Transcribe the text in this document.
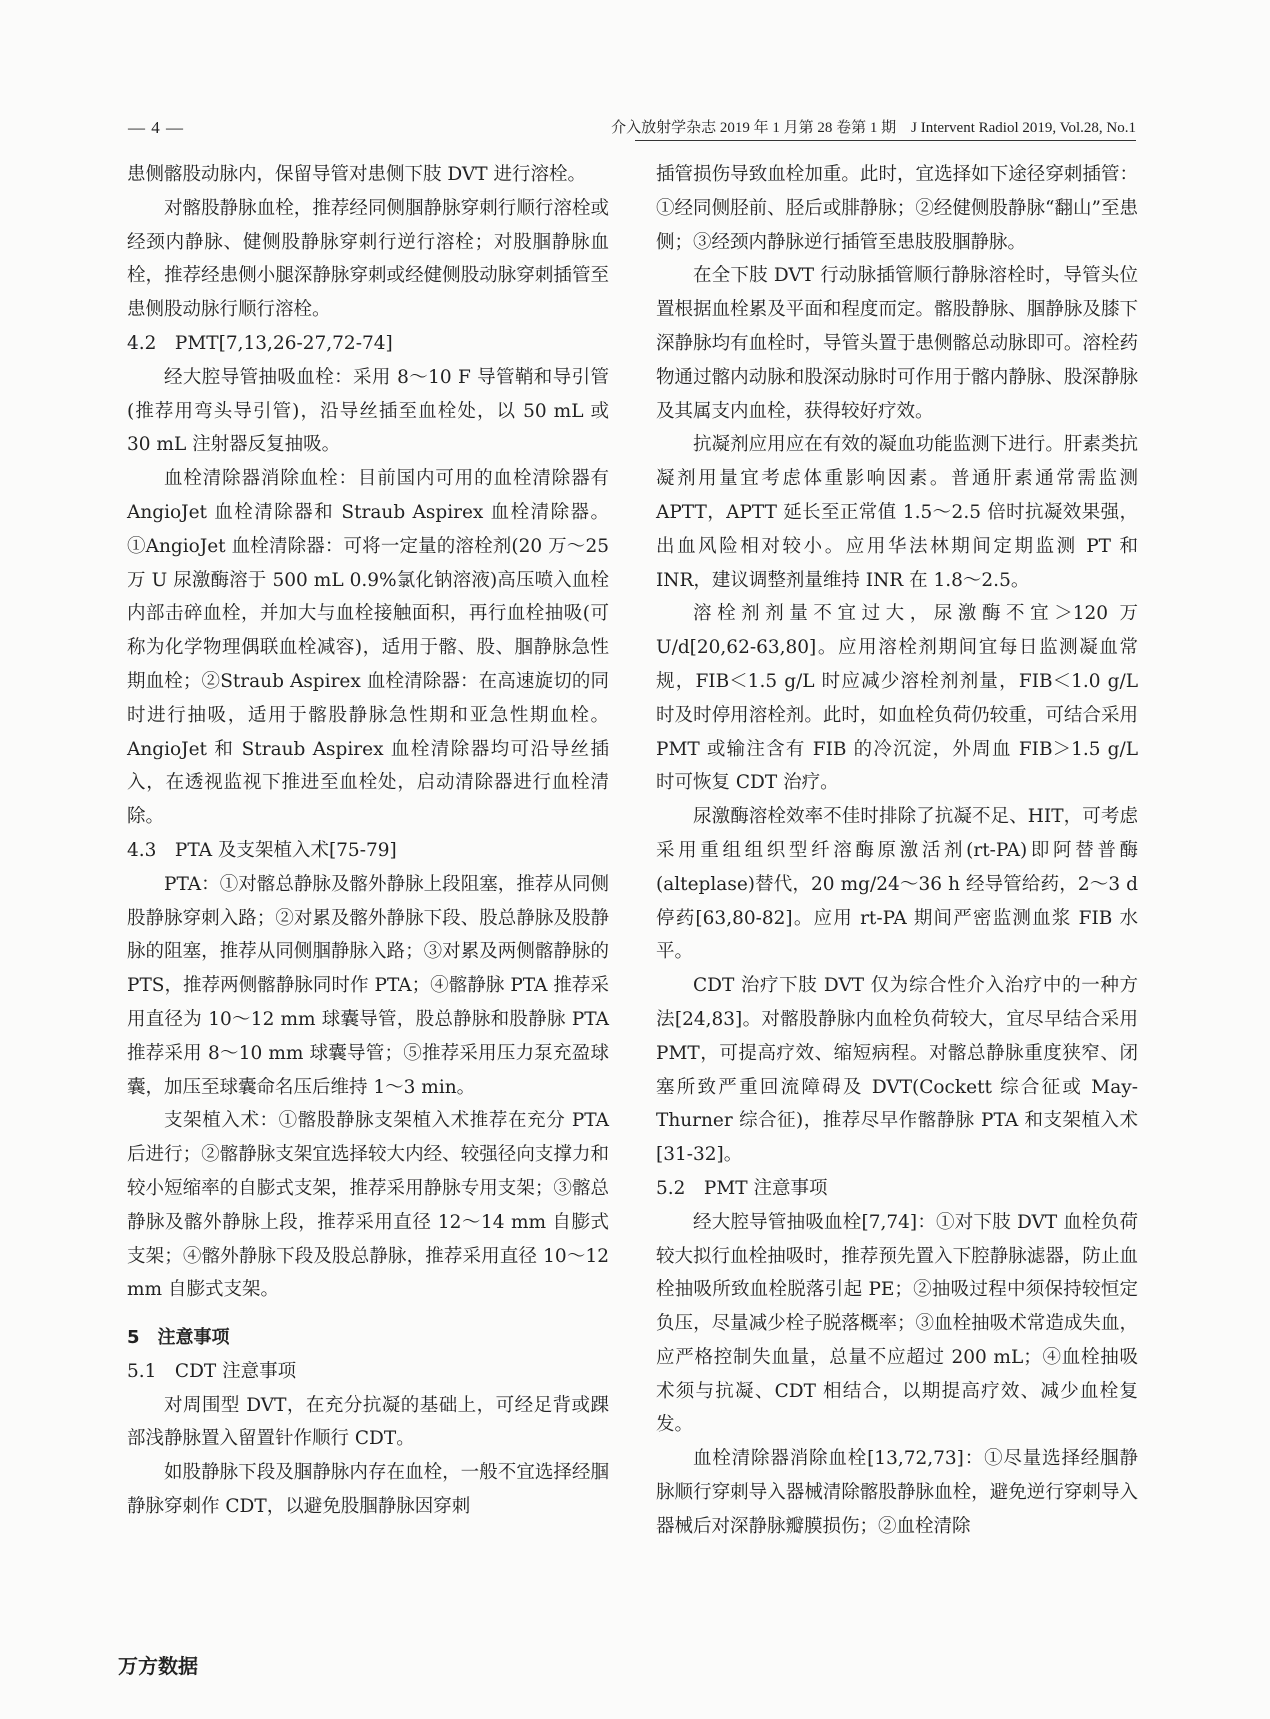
— 4 —	介入放射学杂志 2019 年 1 月第 28 卷第 1 期　J Intervent Radiol 2019, Vol.28, No.1

患侧髂股动脉内，保留导管对患侧下肢 DVT 进行溶栓。

对髂股静脉血栓，推荐经同侧腘静脉穿刺行顺行溶栓或经颈内静脉、健侧股静脉穿刺行逆行溶栓；对股腘静脉血栓，推荐经患侧小腿深静脉穿刺或经健侧股动脉穿刺插管至患侧股动脉行顺行溶栓。

4.2　PMT[7,13,26-27,72-74]

经大腔导管抽吸血栓：采用 8～10 F 导管鞘和导引管(推荐用弯头导引管)，沿导丝插至血栓处，以 50 mL 或 30 mL 注射器反复抽吸。

血栓清除器消除血栓：目前国内可用的血栓清除器有 AngioJet 血栓清除器和 Straub Aspirex 血栓清除器。①AngioJet 血栓清除器：可将一定量的溶栓剂(20 万～25 万 U 尿激酶溶于 500 mL 0.9%氯化钠溶液)高压喷入血栓内部击碎血栓，并加大与血栓接触面积，再行血栓抽吸(可称为化学物理偶联血栓减容)，适用于髂、股、腘静脉急性期血栓；②Straub Aspirex 血栓清除器：在高速旋切的同时进行抽吸，适用于髂股静脉急性期和亚急性期血栓。AngioJet 和 Straub Aspirex 血栓清除器均可沿导丝插入，在透视监视下推进至血栓处，启动清除器进行血栓清除。

4.3　PTA 及支架植入术[75-79]

PTA：①对髂总静脉及髂外静脉上段阻塞，推荐从同侧股静脉穿刺入路；②对累及髂外静脉下段、股总静脉及股静脉的阻塞，推荐从同侧腘静脉入路；③对累及两侧髂静脉的 PTS，推荐两侧髂静脉同时作 PTA；④髂静脉 PTA 推荐采用直径为 10～12 mm 球囊导管，股总静脉和股静脉 PTA 推荐采用 8～10 mm 球囊导管；⑤推荐采用压力泵充盈球囊，加压至球囊命名压后维持 1～3 min。

支架植入术：①髂股静脉支架植入术推荐在充分 PTA 后进行；②髂静脉支架宜选择较大内经、较强径向支撑力和较小短缩率的自膨式支架，推荐采用静脉专用支架；③髂总静脉及髂外静脉上段，推荐采用直径 12～14 mm 自膨式支架；④髂外静脉下段及股总静脉，推荐采用直径 10～12 mm 自膨式支架。

5　注意事项
5.1　CDT 注意事项

对周围型 DVT，在充分抗凝的基础上，可经足背或踝部浅静脉置入留置针作顺行 CDT。

如股静脉下段及腘静脉内存在血栓，一般不宜选择经腘静脉穿刺作 CDT，以避免股腘静脉因穿刺

插管损伤导致血栓加重。此时，宜选择如下途径穿刺插管：①经同侧胫前、胫后或腓静脉；②经健侧股静脉“翻山”至患侧；③经颈内静脉逆行插管至患肢股腘静脉。

在全下肢 DVT 行动脉插管顺行静脉溶栓时，导管头位置根据血栓累及平面和程度而定。髂股静脉、腘静脉及膝下深静脉均有血栓时，导管头置于患侧髂总动脉即可。溶栓药物通过髂内动脉和股深动脉时可作用于髂内静脉、股深静脉及其属支内血栓，获得较好疗效。

抗凝剂应用应在有效的凝血功能监测下进行。肝素类抗凝剂用量宜考虑体重影响因素。普通肝素通常需监测 APTT，APTT 延长至正常值 1.5～2.5 倍时抗凝效果强，出血风险相对较小。应用华法林期间定期监测 PT 和 INR，建议调整剂量维持 INR 在 1.8～2.5。

溶栓剂剂量不宜过大，尿激酶不宜＞120 万 U/d[20,62-63,80]。应用溶栓剂期间宜每日监测凝血常规，FIB＜1.5 g/L 时应减少溶栓剂剂量，FIB＜1.0 g/L 时及时停用溶栓剂。此时，如血栓负荷仍较重，可结合采用 PMT 或输注含有 FIB 的冷沉淀，外周血 FIB＞1.5 g/L 时可恢复 CDT 治疗。

尿激酶溶栓效率不佳时排除了抗凝不足、HIT，可考虑采用重组组织型纤溶酶原激活剂(rt-PA)即阿替普酶(alteplase)替代，20 mg/24～36 h 经导管给药，2～3 d 停药[63,80-82]。应用 rt-PA 期间严密监测血浆 FIB 水平。

CDT 治疗下肢 DVT 仅为综合性介入治疗中的一种方法[24,83]。对髂股静脉内血栓负荷较大，宜尽早结合采用 PMT，可提高疗效、缩短病程。对髂总静脉重度狭窄、闭塞所致严重回流障碍及 DVT(Cockett 综合征或 May-Thurner 综合征)，推荐尽早作髂静脉 PTA 和支架植入术[31-32]。

5.2　PMT 注意事项

经大腔导管抽吸血栓[7,74]：①对下肢 DVT 血栓负荷较大拟行血栓抽吸时，推荐预先置入下腔静脉滤器，防止血栓抽吸所致血栓脱落引起 PE；②抽吸过程中须保持较恒定负压，尽量减少栓子脱落概率；③血栓抽吸术常造成失血，应严格控制失血量，总量不应超过 200 mL；④血栓抽吸术须与抗凝、CDT 相结合，以期提高疗效、减少血栓复发。

血栓清除器消除血栓[13,72,73]：①尽量选择经腘静脉顺行穿刺导入器械清除髂股静脉血栓，避免逆行穿刺导入器械后对深静脉瓣膜损伤；②血栓清除

万方数据
